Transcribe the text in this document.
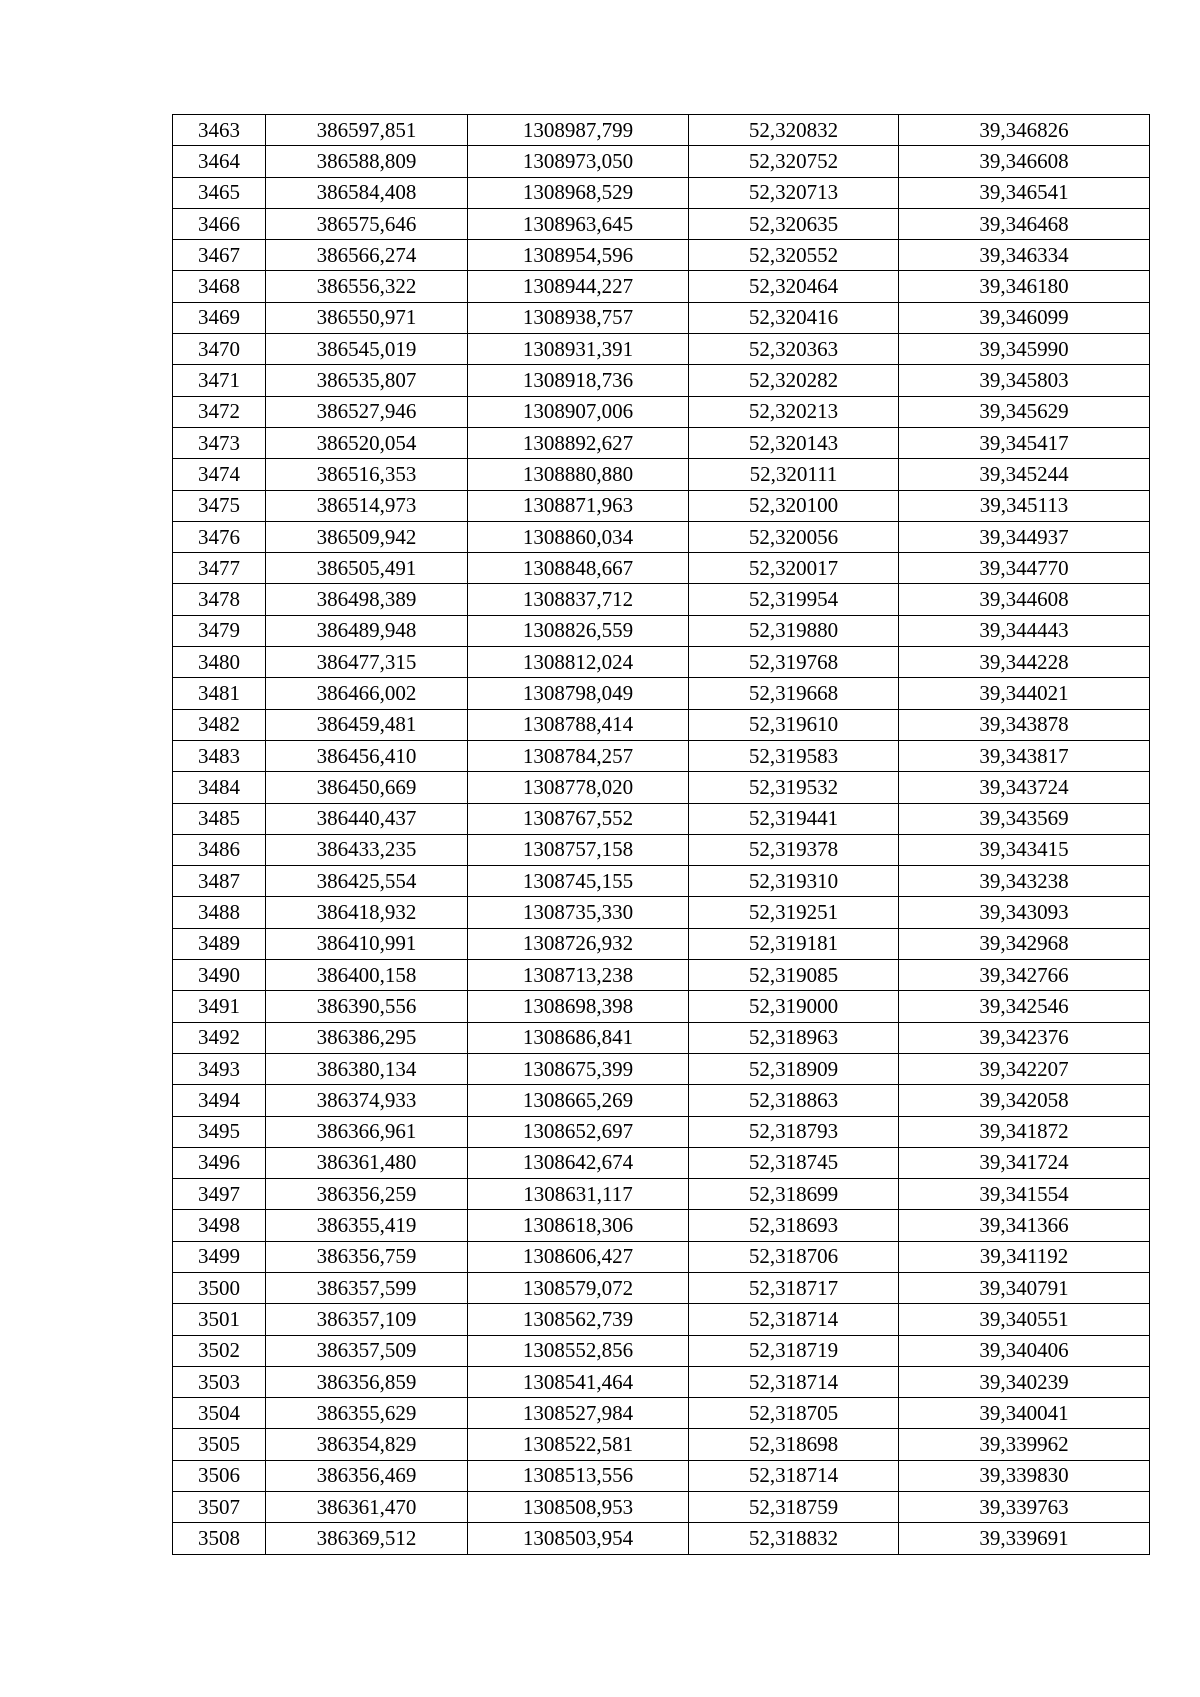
3463	386597,851	1308987,799	52,320832	39,346826
3464	386588,809	1308973,050	52,320752	39,346608
3465	386584,408	1308968,529	52,320713	39,346541
3466	386575,646	1308963,645	52,320635	39,346468
3467	386566,274	1308954,596	52,320552	39,346334
3468	386556,322	1308944,227	52,320464	39,346180
3469	386550,971	1308938,757	52,320416	39,346099
3470	386545,019	1308931,391	52,320363	39,345990
3471	386535,807	1308918,736	52,320282	39,345803
3472	386527,946	1308907,006	52,320213	39,345629
3473	386520,054	1308892,627	52,320143	39,345417
3474	386516,353	1308880,880	52,320111	39,345244
3475	386514,973	1308871,963	52,320100	39,345113
3476	386509,942	1308860,034	52,320056	39,344937
3477	386505,491	1308848,667	52,320017	39,344770
3478	386498,389	1308837,712	52,319954	39,344608
3479	386489,948	1308826,559	52,319880	39,344443
3480	386477,315	1308812,024	52,319768	39,344228
3481	386466,002	1308798,049	52,319668	39,344021
3482	386459,481	1308788,414	52,319610	39,343878
3483	386456,410	1308784,257	52,319583	39,343817
3484	386450,669	1308778,020	52,319532	39,343724
3485	386440,437	1308767,552	52,319441	39,343569
3486	386433,235	1308757,158	52,319378	39,343415
3487	386425,554	1308745,155	52,319310	39,343238
3488	386418,932	1308735,330	52,319251	39,343093
3489	386410,991	1308726,932	52,319181	39,342968
3490	386400,158	1308713,238	52,319085	39,342766
3491	386390,556	1308698,398	52,319000	39,342546
3492	386386,295	1308686,841	52,318963	39,342376
3493	386380,134	1308675,399	52,318909	39,342207
3494	386374,933	1308665,269	52,318863	39,342058
3495	386366,961	1308652,697	52,318793	39,341872
3496	386361,480	1308642,674	52,318745	39,341724
3497	386356,259	1308631,117	52,318699	39,341554
3498	386355,419	1308618,306	52,318693	39,341366
3499	386356,759	1308606,427	52,318706	39,341192
3500	386357,599	1308579,072	52,318717	39,340791
3501	386357,109	1308562,739	52,318714	39,340551
3502	386357,509	1308552,856	52,318719	39,340406
3503	386356,859	1308541,464	52,318714	39,340239
3504	386355,629	1308527,984	52,318705	39,340041
3505	386354,829	1308522,581	52,318698	39,339962
3506	386356,469	1308513,556	52,318714	39,339830
3507	386361,470	1308508,953	52,318759	39,339763
3508	386369,512	1308503,954	52,318832	39,339691
